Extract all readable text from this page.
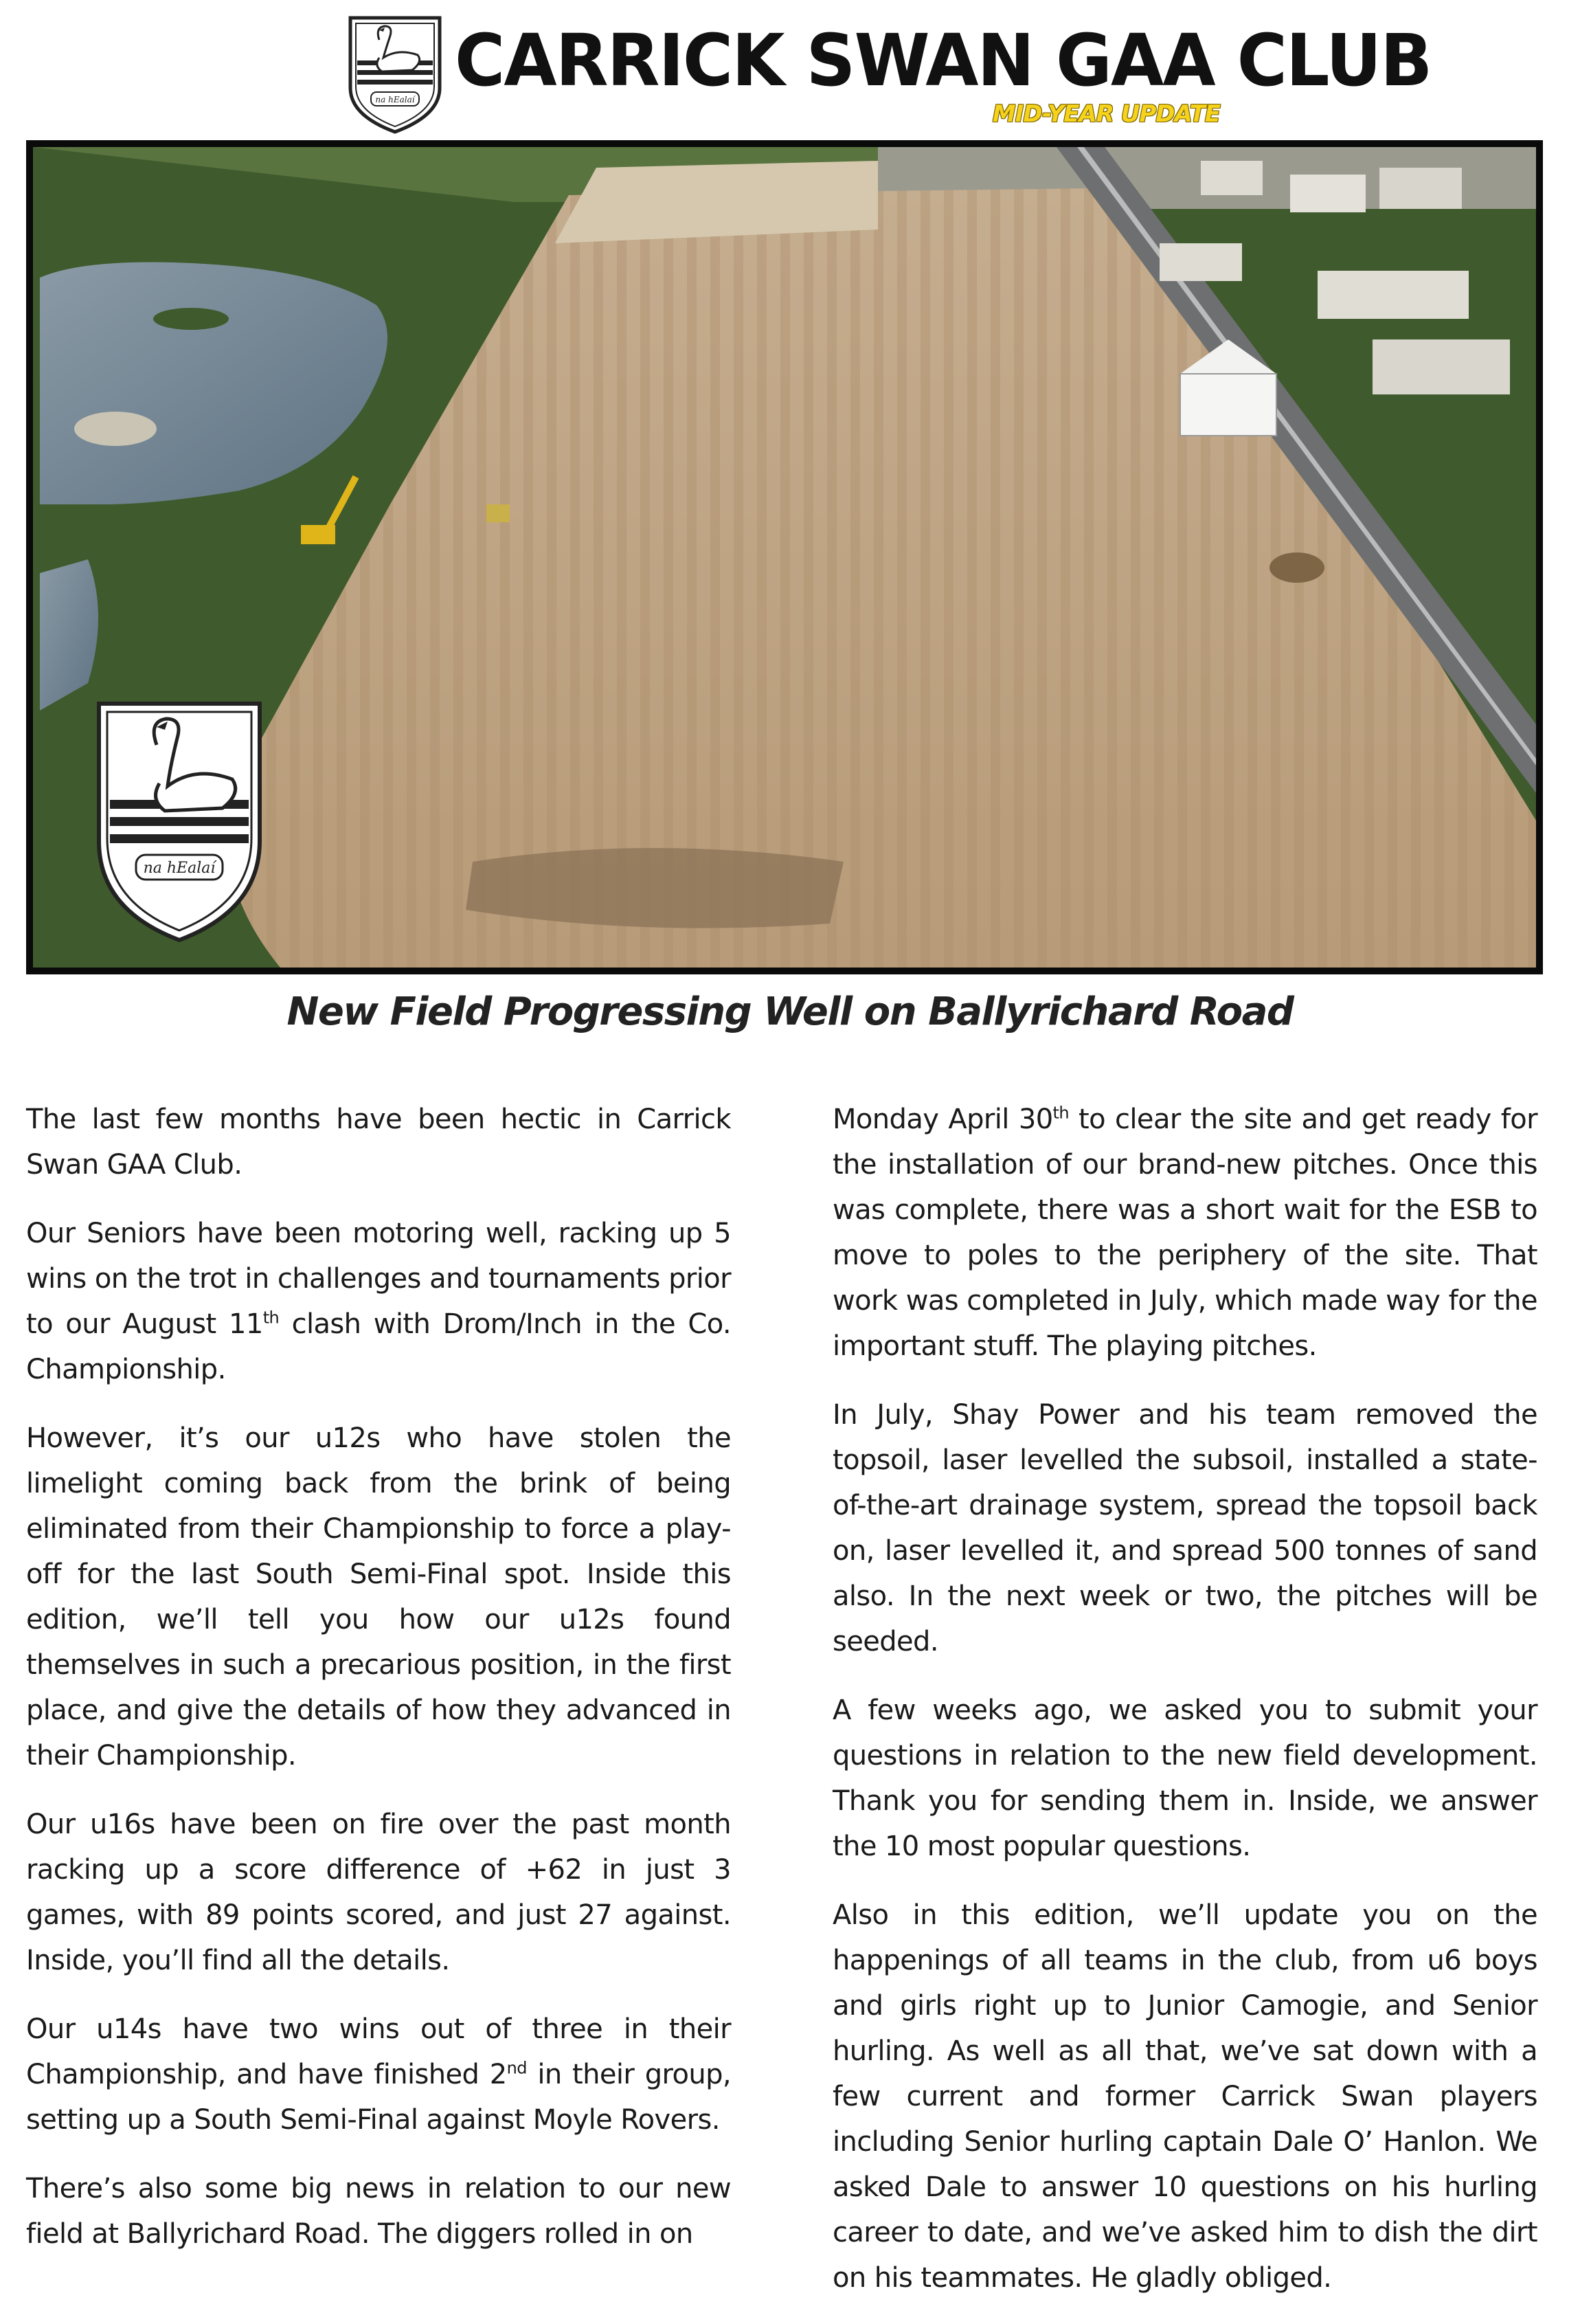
na hEalaí CARRICK SWAN GAA CLUB
MID-YEAR UPDATE
na hEalaí
New Field Progressing Well on Ballyrichard Road

The last few months have been hectic in Carrick Swan GAA Club.

Our Seniors have been motoring well, racking up 5 wins on the trot in challenges and tournaments prior to our August 11th clash with Drom/Inch in the Co. Championship.

However, it’s our u12s who have stolen the limelight coming back from the brink of being eliminated from their Championship to force a play-off for the last South Semi-Final spot. Inside this edition, we’ll tell you how our u12s found themselves in such a precarious position, in the first place, and give the details of how they advanced in their Championship.

Our u16s have been on fire over the past month racking up a score difference of +62 in just 3 games, with 89 points scored, and just 27 against. Inside, you’ll find all the details.

Our u14s have two wins out of three in their Championship, and have finished 2nd in their group, setting up a South Semi-Final against Moyle Rovers.

There’s also some big news in relation to our new field at Ballyrichard Road. The diggers rolled in on

Monday April 30th to clear the site and get ready for the installation of our brand-new pitches. Once this was complete, there was a short wait for the ESB to move to poles to the periphery of the site. That work was completed in July, which made way for the important stuff. The playing pitches.

In July, Shay Power and his team removed the topsoil, laser levelled the subsoil, installed a state-of-the-art drainage system, spread the topsoil back on, laser levelled it, and spread 500 tonnes of sand also. In the next week or two, the pitches will be seeded.

A few weeks ago, we asked you to submit your questions in relation to the new field development. Thank you for sending them in. Inside, we answer the 10 most popular questions.

Also in this edition, we’ll update you on the happenings of all teams in the club, from u6 boys and girls right up to Junior Camogie, and Senior hurling. As well as all that, we’ve sat down with a few current and former Carrick Swan players including Senior hurling captain Dale O’ Hanlon. We asked Dale to answer 10 questions on his hurling career to date, and we’ve asked him to dish the dirt on his teammates. He gladly obliged.
